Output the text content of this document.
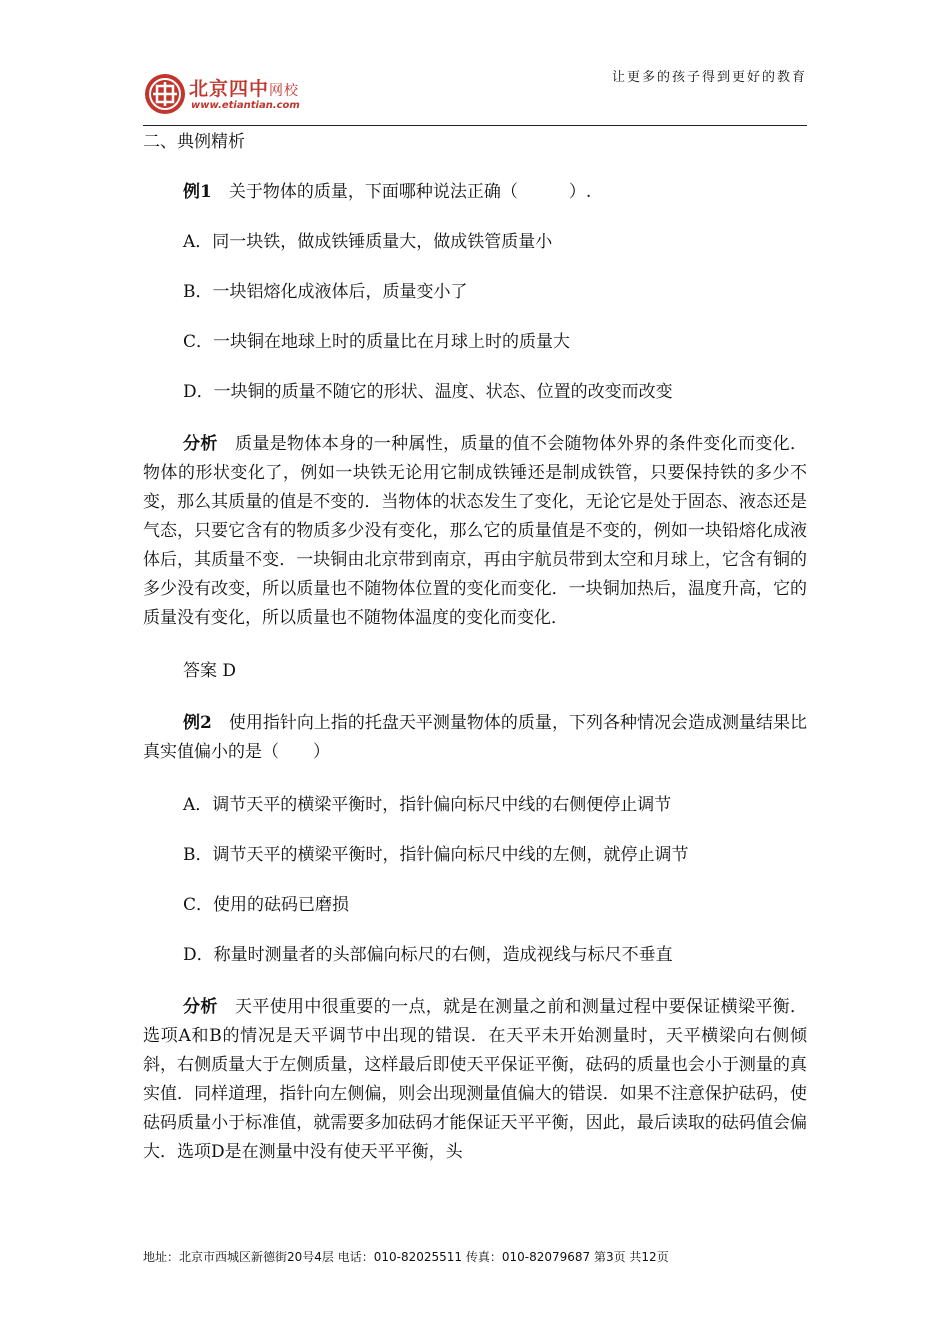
北京四中网校
www.etiantian.com
让更多的孩子得到更好的教育

二、典例精析

例1　 关于物体的质量，下面哪种说法正确（　　　）.

A．同一块铁，做成铁锤质量大，做成铁管质量小

B．一块铝熔化成液体后，质量变小了

C．一块铜在地球上时的质量比在月球上时的质量大

D．一块铜的质量不随它的形状、温度、状态、位置的改变而改变

分析　 质量是物体本身的一种属性，质量的值不会随物体外界的条件变化而变化．物体的形状变化了，例如一块铁无论用它制成铁锤还是制成铁管，只要保持铁的多少不变，那么其质量的值是不变的．当物体的状态发生了变化，无论它是处于固态、液态还是气态，只要它含有的物质多少没有变化，那么它的质量值是不变的，例如一块铅熔化成液体后，其质量不变．一块铜由北京带到南京，再由宇航员带到太空和月球上，它含有铜的多少没有改变，所以质量也不随物体位置的变化而变化．一块铜加热后，温度升高，它的质量没有变化，所以质量也不随物体温度的变化而变化．

答案 D

例2　 使用指针向上指的托盘天平测量物体的质量，下列各种情况会造成测量结果比真实值偏小的是（　　）

A．调节天平的横梁平衡时，指针偏向标尺中线的右侧便停止调节

B．调节天平的横梁平衡时，指针偏向标尺中线的左侧，就停止调节

C．使用的砝码已磨损

D．称量时测量者的头部偏向标尺的右侧，造成视线与标尺不垂直

分析　 天平使用中很重要的一点，就是在测量之前和测量过程中要保证横梁平衡．选项A和B的情况是天平调节中出现的错误．在天平未开始测量时，天平横梁向右侧倾斜，右侧质量大于左侧质量，这样最后即使天平保证平衡，砝码的质量也会小于测量的真实值．同样道理，指针向左侧偏，则会出现测量值偏大的错误．如果不注意保护砝码，使砝码质量小于标准值，就需要多加砝码才能保证天平平衡，因此，最后读取的砝码值会偏大．选项D是在测量中没有使天平平衡，头

地址：北京市西城区新德街20号4层 电话：010-82025511 传真：010-82079687 第3页 共12页
